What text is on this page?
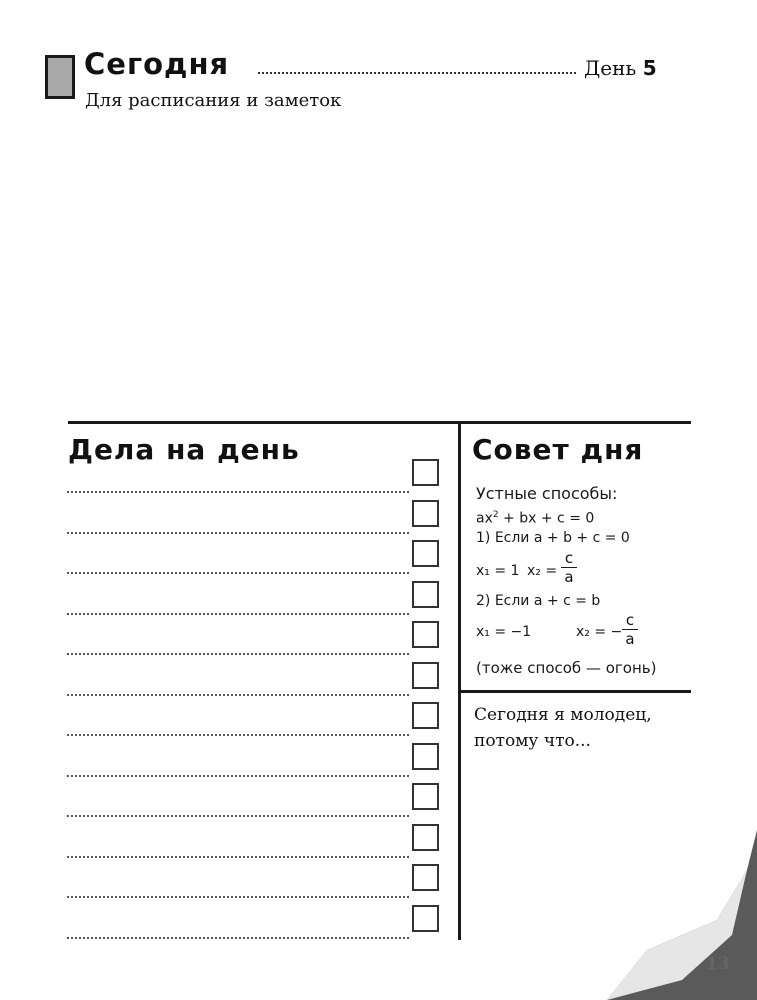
Сегодня	День 5
Для расписания и заметок
Дела на день	Совет дня
Устные способы:
$ax^2$ + bx + c = 0
1) Если a + b + c = 0
x₁ = 1 x₂ =
c
a
2) Если a + c = b
x₁ = −1	x₂ = −
c
a
(тоже способ — огонь)
Сегодня я молодец, потому что...
13
